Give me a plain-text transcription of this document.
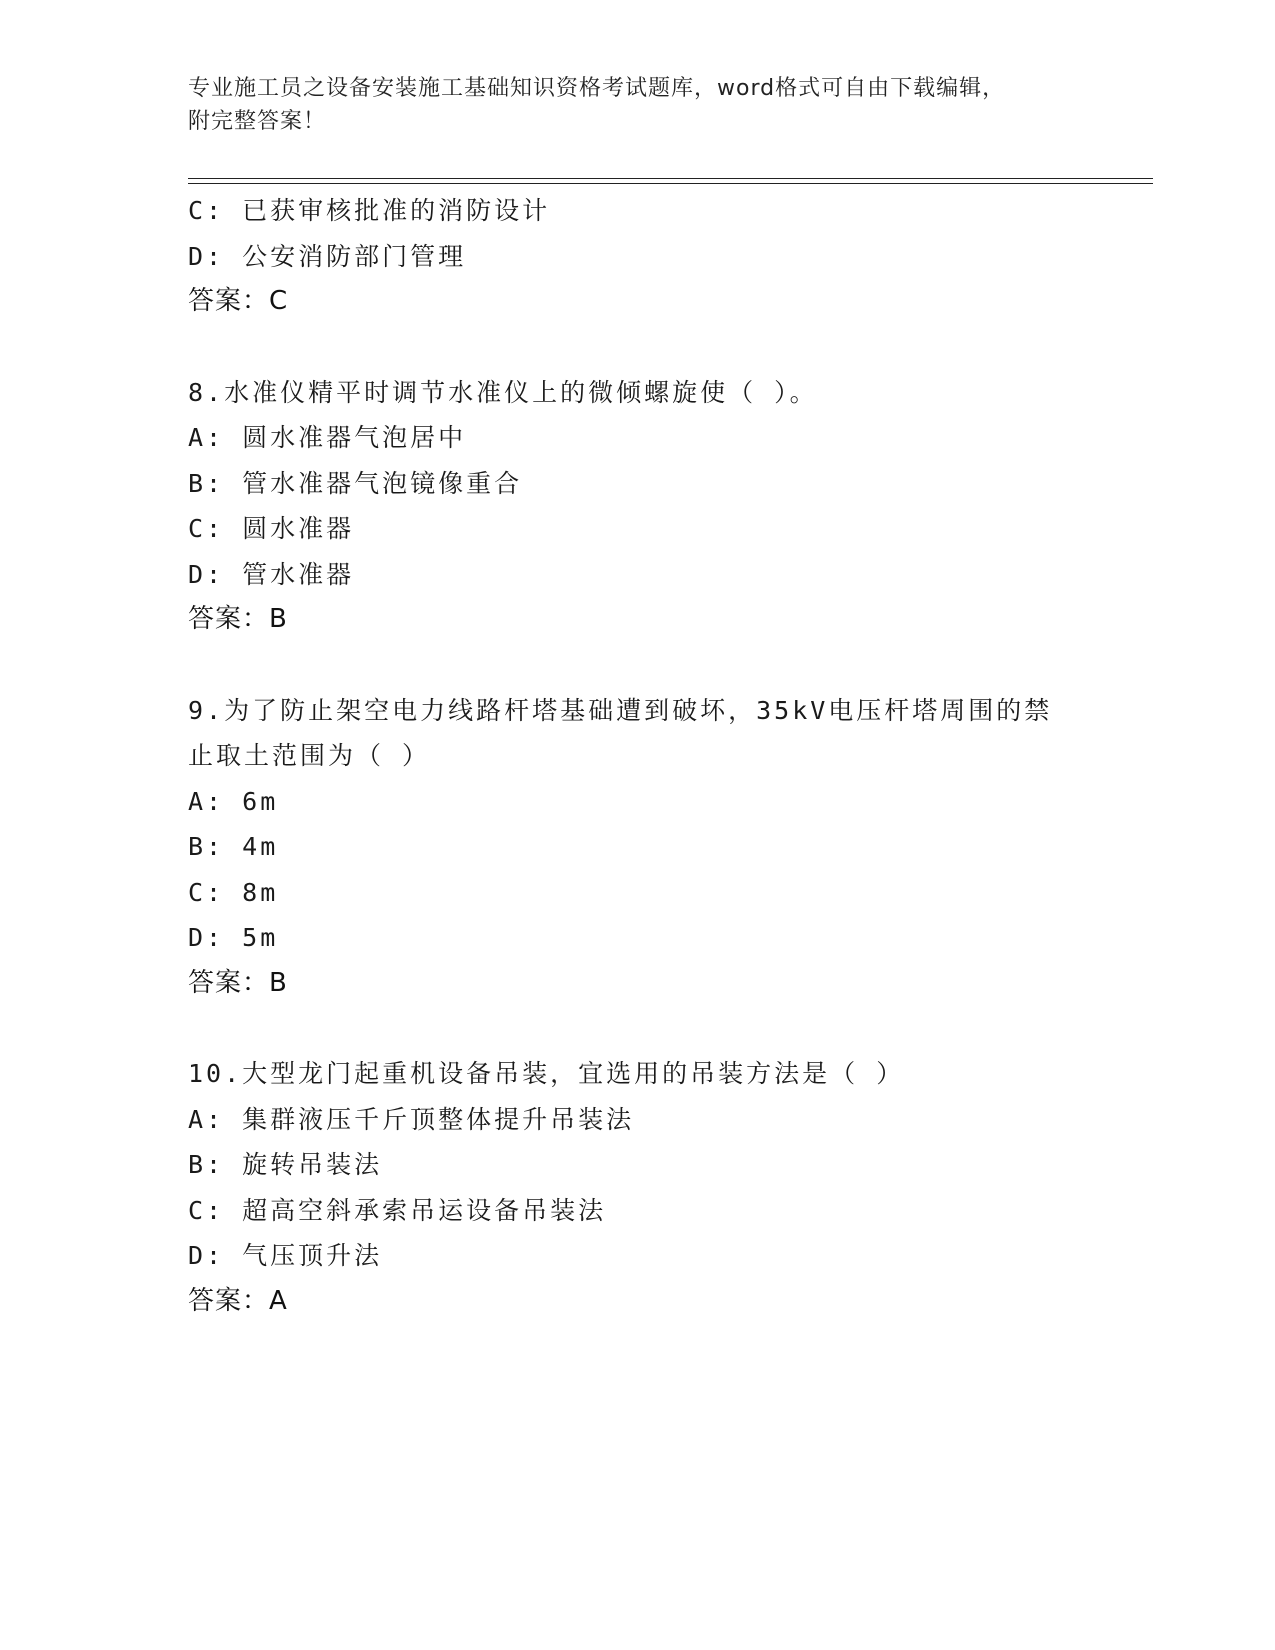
专业施工员之设备安装施工基础知识资格考试题库，word格式可自由下载编辑，
附完整答案！
C: 已获审核批准的消防设计
D: 公安消防部门管理
答案：C
8.水准仪精平时调节水准仪上的微倾螺旋使（ ）。
A: 圆水准器气泡居中
B: 管水准器气泡镜像重合
C: 圆水准器
D: 管水准器
答案：B
9.为了防止架空电力线路杆塔基础遭到破坏，35kV电压杆塔周围的禁
止取土范围为（ ）
A: 6m
B: 4m
C: 8m
D: 5m
答案：B
10.大型龙门起重机设备吊装，宜选用的吊装方法是（ ）
A: 集群液压千斤顶整体提升吊装法
B: 旋转吊装法
C: 超高空斜承索吊运设备吊装法
D: 气压顶升法
答案：A
